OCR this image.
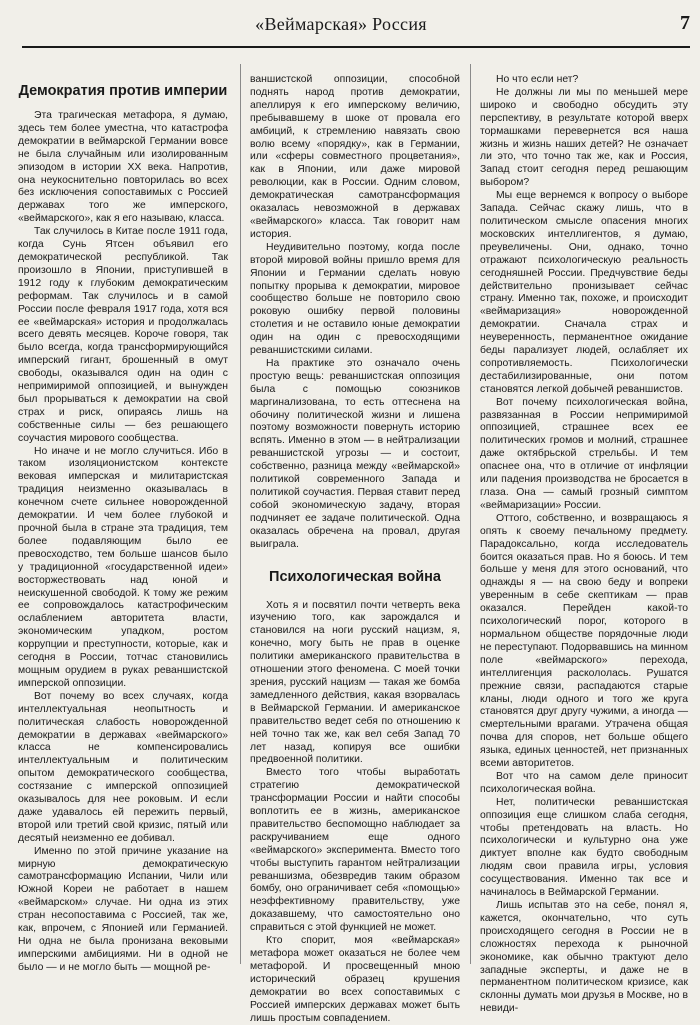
«Веймарская» Россия	7
Демократия против империи

Эта трагическая метафора, я думаю, здесь тем более уместна, что катастрофа демократии в веймарской Германии вовсе не была случайным или изолированным эпизодом в истории XX века. Напротив, она неукоснительно повторилась во всех без исключения сопоставимых с Россией державах того же имперского, «веймарского», как я его называю, класса.

Так случилось в Китае после 1911 года, когда Сунь Ятсен объявил его демократической республикой. Так произошло в Японии, приступившей в 1912 году к глубоким демократическим реформам. Так случилось и в самой России после февраля 1917 года, хотя вся ее «веймарская» история и продолжалась всего девять месяцев. Короче говоря, так было всегда, когда трансформирующийся имперский гигант, брошенный в омут свободы, оказывался один на один с непримиримой оппозицией, и вынужден был прорываться к демократии на свой страх и риск, опираясь лишь на собственные силы — без решающего соучастия мирового сообщества.

Но иначе и не могло случиться. Ибо в таком изоляционистском контексте вековая имперская и милитаристская традиция неизменно оказывалась в конечном счете сильнее новорожденной демократии. И чем более глубокой и прочной была в стране эта традиция, тем более подавляющим было ее превосходство, тем больше шансов было у традиционной «государственной идеи» восторжествовать над юной и неискушенной свободой. К тому же режим ее сопровождалось катастрофическим ослаблением авторитета власти, экономическим упадком, ростом коррупции и преступности, которые, как и сегодня в России, тотчас становились мощным орудием в руках реваншистской имперской оппозиции.

Вот почему во всех случаях, когда интеллектуальная неопытность и политическая слабость новорожденной демократии в державах «веймарского» класса не компенсировались интеллектуальным и политическим опытом демократического сообщества, состязание с имперской оппозицией оказывалось для нее роковым. И если даже удавалось ей пережить первый, второй или третий свой кризис, пятый или десятый неизменно ее добивал.

Именно по этой причине указание на мирную демократическую самотрансформацию Испании, Чили или Южной Кореи не работает в нашем «веймарском» случае. Ни одна из этих стран несопоставима с Россией, так же, как, впрочем, с Японией или Германией. Ни одна не была пронизана вековыми имперскими амбициями. Ни в одной не было — и не могло быть — мощной ре-

ваншистской оппозиции, способной поднять народ против демократии, апеллируя к его имперскому величию, пребывавшему в шоке от провала его амбиций, к стремлению навязать свою волю всему «порядку», как в Германии, или «сферы совместного процветания», как в Японии, или даже мировой революции, как в России. Одним словом, демократическая самотрансформация оказалась невозможной в державах «веймарского» класса. Так говорит нам история.

Неудивительно поэтому, когда после второй мировой войны пришло время для Японии и Германии сделать новую попытку прорыва к демократии, мировое сообщество больше не повторило свою роковую ошибку первой половины столетия и не оставило юные демократии один на один с превосходящими реваншистскими силами.

На практике это означало очень простую вещь: реваншистская оппозиция была с помощью союзников маргинализована, то есть оттеснена на обочину политической жизни и лишена поэтому возможности повернуть историю вспять. Именно в этом — в нейтрализации реваншистской угрозы — и состоит, собственно, разница между «веймарской» политикой современного Запада и политикой соучастия. Первая ставит перед собой экономическую задачу, вторая подчиняет ее задаче политической. Одна оказалась обречена на провал, другая выиграла.

Психологическая война

Хоть я и посвятил почти четверть века изучению того, как зарождался и становился на ноги русский нацизм, я, конечно, могу быть не прав в оценке политики американского правительства в отношении этого феномена. С моей точки зрения, русский нацизм — такая же бомба замедленного действия, какая взорвалась в Веймарской Германии. И американское правительство ведет себя по отношению к ней точно так же, как вел себя Запад 70 лет назад, копируя все ошибки предвоенной политики.

Вместо того чтобы выработать стратегию демократической трансформации России и найти способы воплотить ее в жизнь, американское правительство беспомощно наблюдает за раскручиванием еще одного «веймарского» эксперимента. Вместо того чтобы выступить гарантом нейтрализации реваншизма, обезвредив таким образом бомбу, оно ограничивает себя «помощью» неэффективному правительству, уже доказавшему, что самостоятельно оно справиться с этой функцией не может.

Кто спорит, моя «веймарская» метафора может оказаться не более чем метафорой. И просвещенный мною исторический образец крушения демократии во всех сопоставимых с Россией имперских державах может быть лишь простым совпадением.

Но что если нет?

Не должны ли мы по меньшей мере широко и свободно обсудить эту перспективу, в результате которой вверх тормашками перевернется вся наша жизнь и жизнь наших детей? Не означает ли это, что точно так же, как и Россия, Запад стоит сегодня перед решающим выбором?

Мы еще вернемся к вопросу о выборе Запада. Сейчас скажу лишь, что в политическом смысле опасения многих московских интеллигентов, я думаю, преувеличены. Они, однако, точно отражают психологическую реальность сегодняшней России. Предчувствие беды действительно пронизывает сейчас страну. Именно так, похоже, и происходит «веймаризация» новорожденной демократии. Сначала страх и неуверенность, перманентное ожидание беды парализует людей, ослабляет их сопротивляемость. Психологически дестабилизированные, они потом становятся легкой добычей реваншистов.

Вот почему психологическая война, развязанная в России непримиримой оппозицией, страшнее всех ее политических громов и молний, страшнее даже октябрьской стрельбы. И тем опаснее она, что в отличие от инфляции или падения производства не бросается в глаза. Она — самый грозный симптом «веймаризации» России.

Оттого, собственно, и возвращаюсь я опять к своему печальному предмету. Парадоксально, когда исследователь боится оказаться прав. Но я боюсь. И тем больше у меня для этого оснований, что однажды я — на свою беду и вопреки уверенным в себе скептикам — прав оказался. Перейден какой-то психологический порог, которого в нормальном обществе порядочные люди не переступают. Подорвавшись на минном поле «веймарского» перехода, интеллигенция раскололась. Рушатся прежние связи, распадаются старые кланы, люди одного и того же круга становятся друг другу чужими, а иногда — смертельными врагами. Утрачена общая почва для споров, нет больше общего языка, единых ценностей, нет признанных всеми авторитетов.

Вот что на самом деле приносит психологическая война.

Нет, политически реваншистская оппозиция еще слишком слаба сегодня, чтобы претендовать на власть. Но психологически и культурно она уже диктует вполне как будто свободным людям свои правила игры, условия сосуществования. Именно так все и начиналось в Веймарской Германии.

Лишь испытав это на себе, понял я, кажется, окончательно, что суть происходящего сегодня в России не в сложностях перехода к рыночной экономике, как обычно трактуют дело западные эксперты, и даже не в перманентном политическом кризисе, как склонны думать мои друзья в Москве, но в невиди-
